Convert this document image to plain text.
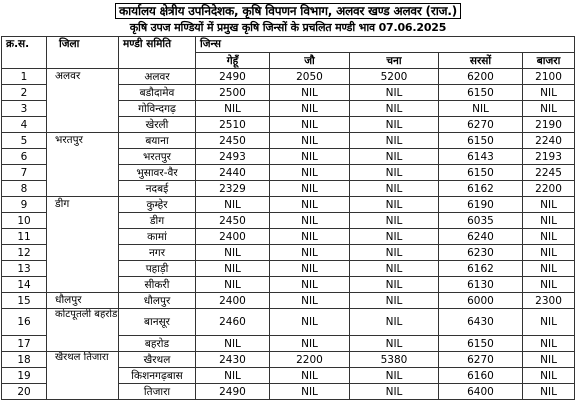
कार्यालय क्षेत्रीय उपनिदेशक, कृषि विपणन विभाग, अलवर खण्ड अलवर (राज.)
कृषि उपज मण्डियों में प्रमुख कृषि जिन्सों के प्रचलित मण्डी भाव 07.06.2025
क्र.स.	जिला	मण्डी समिति	जिन्स				
			गेहूँ	जौ	चना	सरसों	बाजरा
1	अलवर	अलवर	2490	2050	5200	6200	2100
2		बडौदामेव	2500	NIL	NIL	6150	NIL
3		गोविन्दगढ़	NIL	NIL	NIL	NIL	NIL
4		खेरली	2510	NIL	NIL	6270	2190
5	भरतपुर	बयाना	2450	NIL	NIL	6150	2240
6		भरतपुर	2493	NIL	NIL	6143	2193
7		भुसावर-वैर	2440	NIL	NIL	6150	2245
8		नदबई	2329	NIL	NIL	6162	2200
9	डीग	कुम्हेर	NIL	NIL	NIL	6190	NIL
10		डीग	2450	NIL	NIL	6035	NIL
11		कामां	2400	NIL	NIL	6240	NIL
12		नगर	NIL	NIL	NIL	6230	NIL
13		पहाड़ी	NIL	NIL	NIL	6162	NIL
14		सीकरी	NIL	NIL	NIL	6130	NIL
15	धौलपुर	धौलपुर	2400	NIL	NIL	6000	2300
16	कोटपूतली बहरोड	बानसूर	2460	NIL	NIL	6430	NIL
17		बहरोड	NIL	NIL	NIL	6150	NIL
18	खैरथल तिजारा	खैरथल	2430	2200	5380	6270	NIL
19		किशनगढ़बास	NIL	NIL	NIL	6160	NIL
20		तिजारा	2490	NIL	NIL	6400	NIL
